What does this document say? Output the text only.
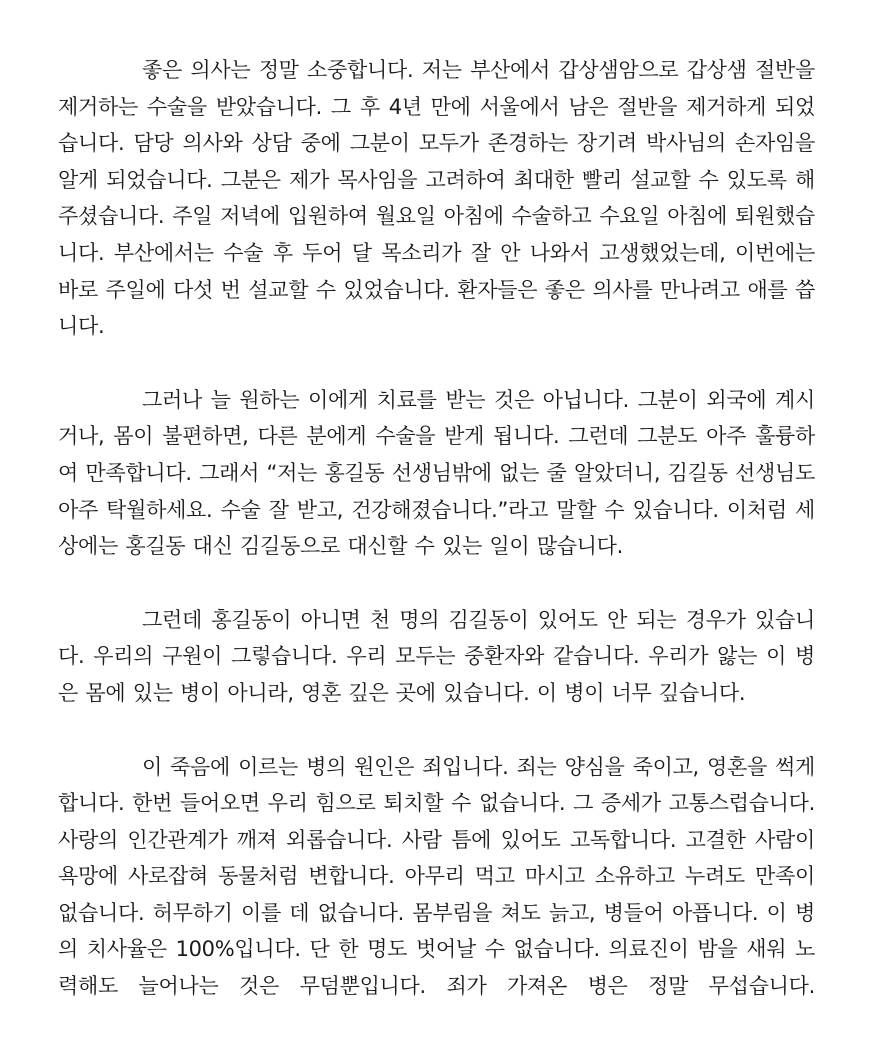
좋은 의사는 정말 소중합니다. 저는 부산에서 갑상샘암으로 갑상샘 절반을 제거하는 수술을 받았습니다. 그 후 4년 만에 서울에서 남은 절반을 제거하게 되었습니다. 담당 의사와 상담 중에 그분이 모두가 존경하는 장기려 박사님의 손자임을 알게 되었습니다. 그분은 제가 목사임을 고려하여 최대한 빨리 설교할 수 있도록 해 주셨습니다. 주일 저녁에 입원하여 월요일 아침에 수술하고 수요일 아침에 퇴원했습니다. 부산에서는 수술 후 두어 달 목소리가 잘 안 나와서 고생했었는데, 이번에는 바로 주일에 다섯 번 설교할 수 있었습니다. 환자들은 좋은 의사를 만나려고 애를 씁니다.

그러나 늘 원하는 이에게 치료를 받는 것은 아닙니다. 그분이 외국에 계시거나, 몸이 불편하면, 다른 분에게 수술을 받게 됩니다. 그런데 그분도 아주 훌륭하여 만족합니다. 그래서 “저는 홍길동 선생님밖에 없는 줄 알았더니, 김길동 선생님도 아주 탁월하세요. 수술 잘 받고, 건강해졌습니다.”라고 말할 수 있습니다. 이처럼 세상에는 홍길동 대신 김길동으로 대신할 수 있는 일이 많습니다.

그런데 홍길동이 아니면 천 명의 김길동이 있어도 안 되는 경우가 있습니다. 우리의 구원이 그렇습니다. 우리 모두는 중환자와 같습니다. 우리가 앓는 이 병은 몸에 있는 병이 아니라, 영혼 깊은 곳에 있습니다. 이 병이 너무 깊습니다.

이 죽음에 이르는 병의 원인은 죄입니다. 죄는 양심을 죽이고, 영혼을 썩게 합니다. 한번 들어오면 우리 힘으로 퇴치할 수 없습니다. 그 증세가 고통스럽습니다. 사랑의 인간관계가 깨져 외롭습니다. 사람 틈에 있어도 고독합니다. 고결한 사람이 욕망에 사로잡혀 동물처럼 변합니다. 아무리 먹고 마시고 소유하고 누려도 만족이 없습니다. 허무하기 이를 데 없습니다. 몸부림을 쳐도 늙고, 병들어 아픕니다. 이 병의 치사율은 100%입니다. 단 한 명도 벗어날 수 없습니다. 의료진이 밤을 새워 노력해도 늘어나는 것은 무덤뿐입니다. 죄가 가져온 병은 정말 무섭습니다.
